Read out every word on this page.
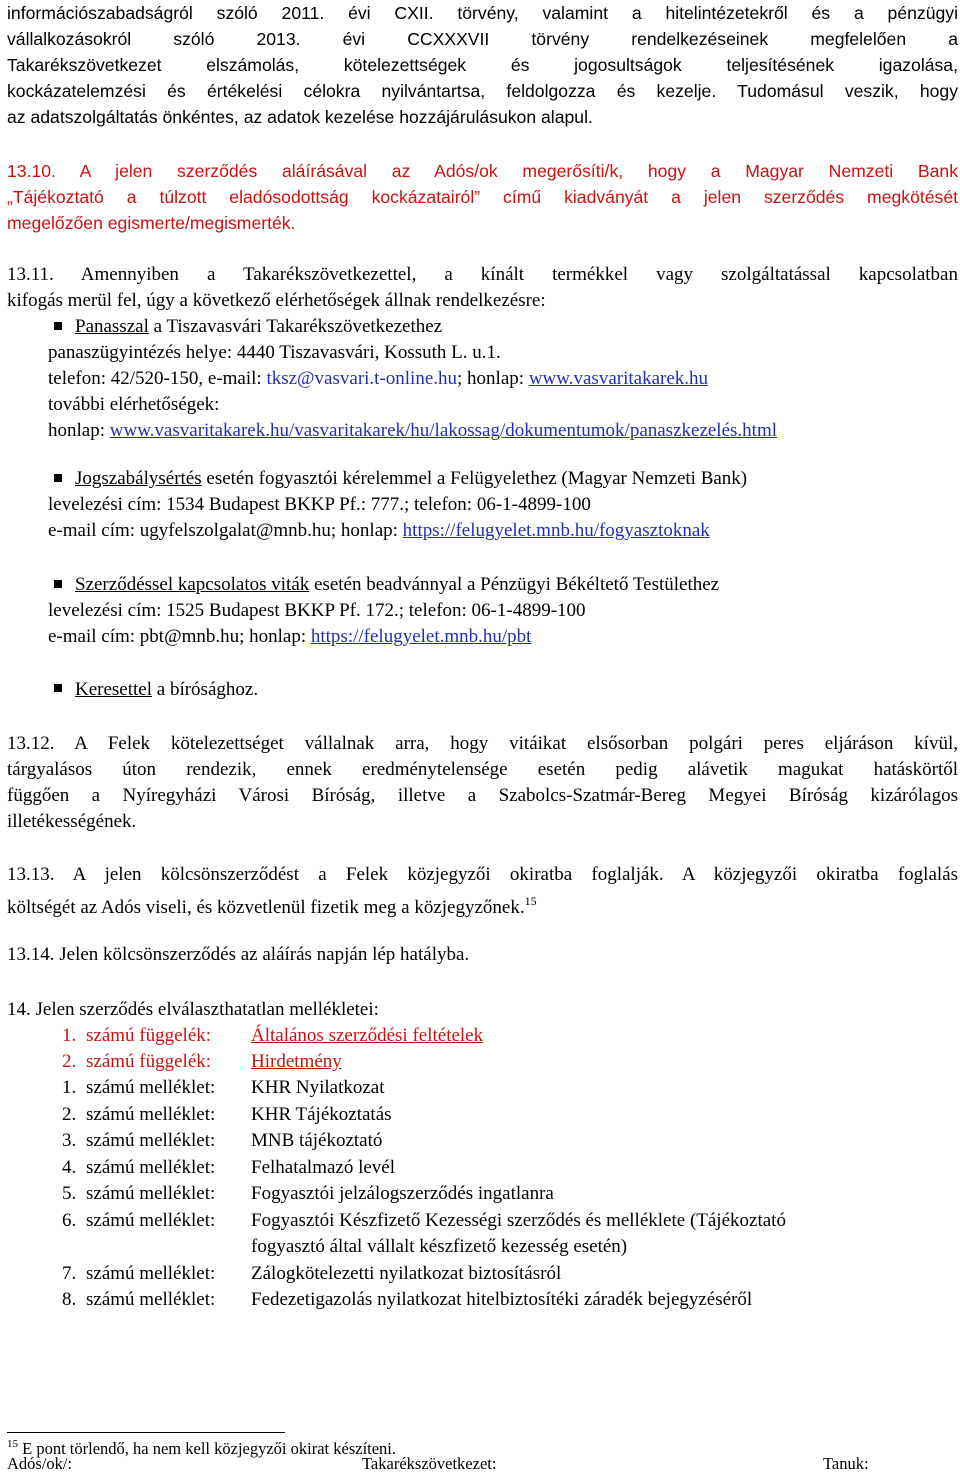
információszabadságról szóló 2011. évi CXII. törvény, valamint a hitelintézetekről és a pénzügyi
vállalkozásokról szóló 2013. évi CCXXXVII törvény rendelkezéseinek megfelelően a
Takarékszövetkezet elszámolás, kötelezettségek és jogosultságok teljesítésének igazolása,
kockázatelemzési és értékelési célokra nyilvántartsa, feldolgozza és kezelje. Tudomásul veszik, hogy
az adatszolgáltatás önkéntes, az adatok kezelése hozzájárulásukon alapul.
13.10. A jelen szerződés aláírásával az Adós/ok megerősíti/k, hogy a Magyar Nemzeti Bank
„Tájékoztató a túlzott eladósodottság kockázatairól” című kiadványát a jelen szerződés megkötését
megelőzően egismerte/megismerték.
13.11. Amennyiben a Takarékszövetkezettel, a kínált termékkel vagy szolgáltatással kapcsolatban
kifogás merül fel, úgy a következő elérhetőségek állnak rendelkezésre:
Panasszal a Tiszavasvári Takarékszövetkezethez
panaszügyintézés helye: 4440 Tiszavasvári, Kossuth L. u.1.
telefon: 42/520-150, e-mail: tksz@vasvari.t-online.hu; honlap: www.vasvaritakarek.hu
további elérhetőségek:
honlap: www.vasvaritakarek.hu/vasvaritakarek/hu/lakossag/dokumentumok/panaszkezelés.html
Jogszabálysértés esetén fogyasztói kérelemmel a Felügyelethez (Magyar Nemzeti Bank)
levelezési cím: 1534 Budapest BKKP Pf.: 777.; telefon: 06-1-4899-100
e-mail cím: ugyfelszolgalat@mnb.hu; honlap: https://felugyelet.mnb.hu/fogyasztoknak
Szerződéssel kapcsolatos viták esetén beadvánnyal a Pénzügyi Békéltető Testülethez
levelezési cím: 1525 Budapest BKKP Pf. 172.; telefon: 06-1-4899-100
e-mail cím: pbt@mnb.hu; honlap: https://felugyelet.mnb.hu/pbt
Keresettel a bírósághoz.
13.12. A Felek kötelezettséget vállalnak arra, hogy vitáikat elsősorban polgári peres eljáráson kívül,
tárgyalásos úton rendezik, ennek eredménytelensége esetén pedig alávetik magukat hatáskörtől
függően a Nyíregyházi Városi Bíróság, illetve a Szabolcs-Szatmár-Bereg Megyei Bíróság kizárólagos
illetékességének.
13.13. A jelen kölcsönszerződést a Felek közjegyzői okiratba foglalják. A közjegyzői okiratba foglalás
költségét az Adós viseli, és közvetlenül fizetik meg a közjegyzőnek.$^{15}$
13.14. Jelen kölcsönszerződés az aláírás napján lép hatályba.
14. Jelen szerződés elválaszthatatlan mellékletei:
1. számú függelék: Általános szerződési feltételek
2. számú függelék: Hirdetmény
1. számú melléklet: KHR Nyilatkozat
2. számú melléklet: KHR Tájékoztatás
3. számú melléklet: MNB tájékoztató
4. számú melléklet: Felhatalmazó levél
5. számú melléklet: Fogyasztói jelzálogszerződés ingatlanra
6. számú melléklet: Fogyasztói Készfizető Kezességi szerződés és melléklete (Tájékoztató
fogyasztó által vállalt készfizető kezesség esetén)
7. számú melléklet: Zálogkötelezetti nyilatkozat biztosításról
8. számú melléklet: Fedezetigazolás nyilatkozat hitelbiztosítéki záradék bejegyzéséről
$^{15}$ E pont törlendő, ha nem kell közjegyzői okirat készíteni.
Adós/ok/:	Takarékszövetkezet:	Tanuk:
